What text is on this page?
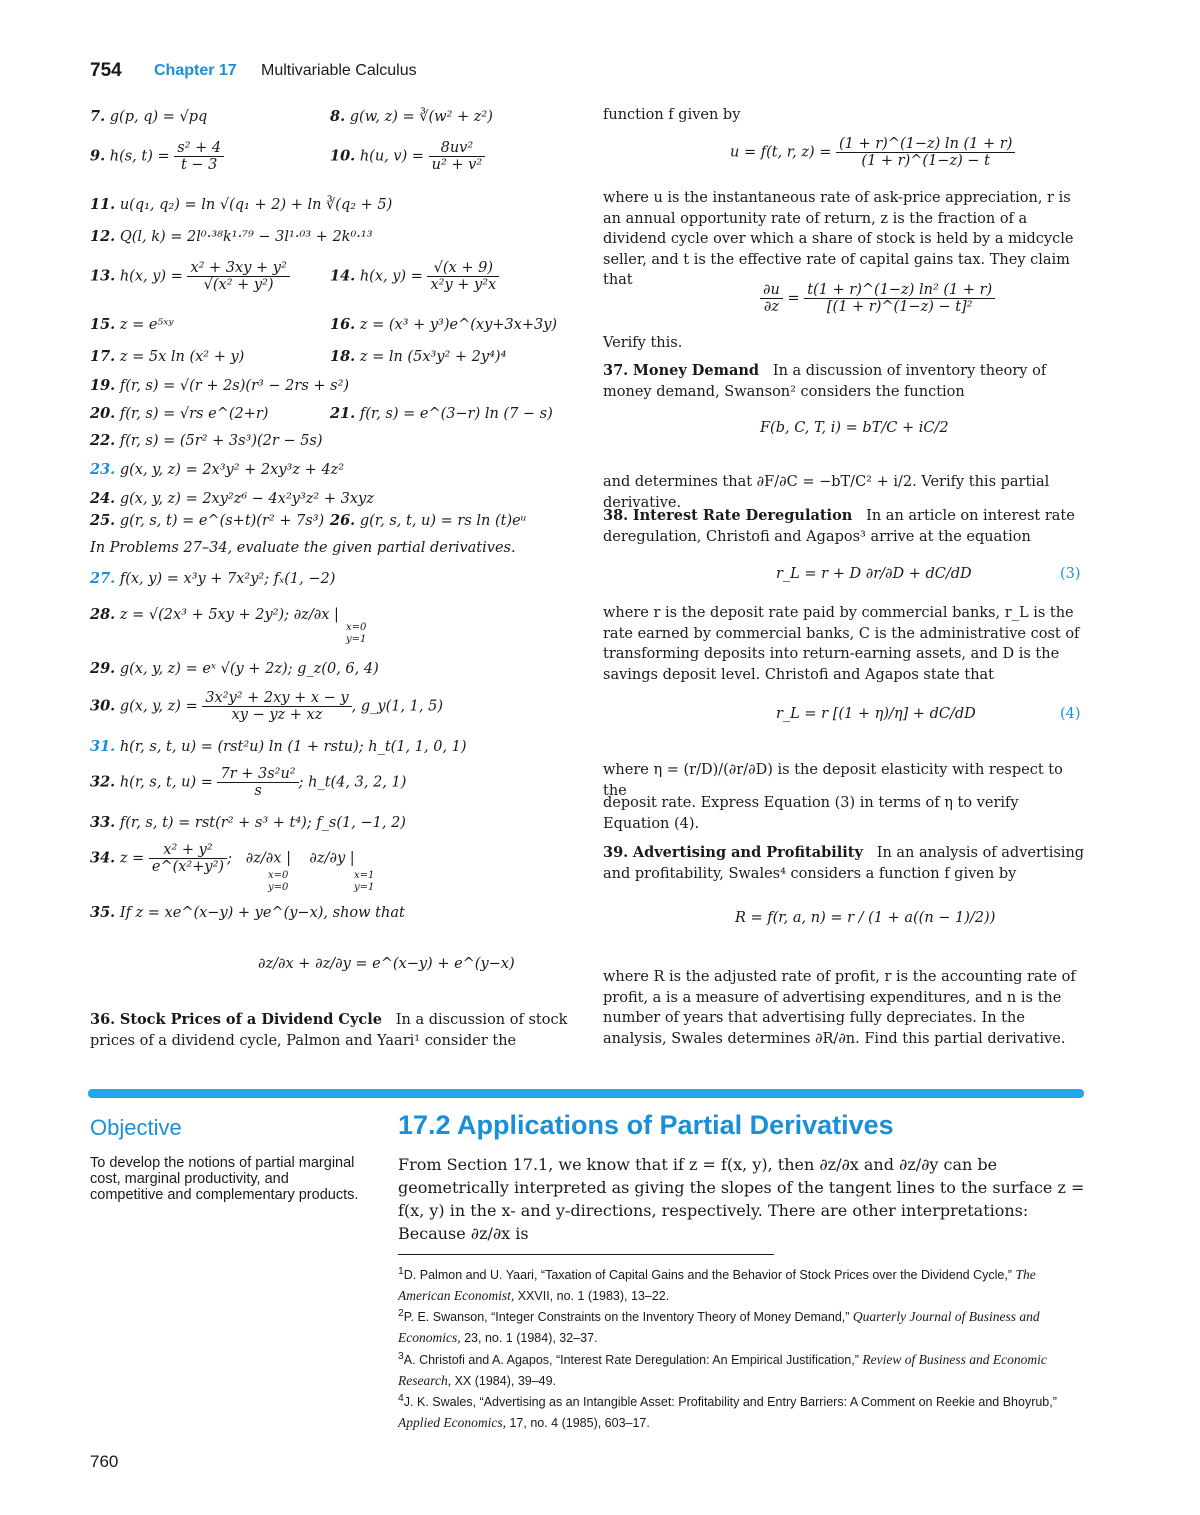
754 Chapter 17 Multivariable Calculus
7. g(p, q) = √pq	8. g(w, z) = ∛(w² + z²)
9. h(s, $t) = \frac{\text{s² + 4}}{t - 3}$	10. h(u, $v) = \frac{\text{8uv²}}{\text{u² + v²}}$
11. u(q₁, q₂) = ln √(q₁ + 2) + ln ∛(q₂ + 5)
12. Q(l, k) = 2l⁰·³⁸k¹·⁷⁹ − 3l¹·⁰³ + 2k⁰·¹³
13. h(x, $y) = \frac{\text{x² + 3xy + y²}}{\text{√(x² + y²)}}$	14. h(x, $y) = \frac{√(x + 9)}{\text{x²y + y²x}}$
15. z = e⁵ˣʸ	16. z = (x³ + y³)e^(xy+3x+3y)
17. z = 5x ln (x² + y)	18. z = ln (5x³y² + 2y⁴)⁴
19. f(r, s) = √(r + 2s)(r³ − 2rs + s²)
20. f(r, s) = √rs e^(2+r)	21. f(r, s) = e^(3−r) ln (7 − s)
22. f(r, s) = (5r² + 3s³)(2r − 5s)
23. g(x, y, z) = 2x³y² + 2xy³z + 4z²
24. g(x, y, z) = 2xy²z⁶ − 4x²y³z² + 3xyz
25. g(r, s, t) = e^(s+t)(r² + 7s³) 26. g(r, s, t, u) = rs ln (t)eᵘ
In Problems 27–34, evaluate the given partial derivatives.
27. f(x, y) = x³y + 7x²y²; fₓ(1, −2)
28. z = √(2x³ + 5xy + 2y²); ∂z/∂x |
x=0
y=1
29. g(x, y, z) = eˣ √(y + 2z); g_z(0, 6, 4)
30. g(x, y, $z) = \frac{\text{3x²y² + 2xy + x − y}}{xy - yz + xz}$ , g_y(1, 1, 5)
31. h(r, s, t, u) = (rst²u) ln (1 + rstu); h_t(1, 1, 0, 1)
32. h(r, s, t, $u) = \frac{\text{7r + 3s²u²}}{s}$ ; h_t(4, 3, 2, 1)
33. f(r, s, t) = rst(r² + s³ + t⁴); f_s(1, −1, 2)
34. $z = \frac{\text{x² + y²}}{\text{e\textasciicircum{}(x²+y²)}}$ ; ∂z/∂x | ∂z/∂y |
x=0
y=0
x=1
y=1
35. If z = xe^(x−y) + ye^(y−x), show that
∂z/∂x + ∂z/∂y = e^(x−y) + e^(y−x)
36. Stock Prices of a Dividend Cycle In a discussion of stock prices of a dividend cycle, Palmon and Yaari¹ consider the
function f given by
u = f(t, r, $z) = \frac{(1 + r)\^{}(1-z) \ln (1 + r)}{(1 + r)\^{}(1-z) - t}$
where u is the instantaneous rate of ask-price appreciation, r is an annual opportunity rate of return, z is the fraction of a dividend cycle over which a share of stock is held by a midcycle seller, and t is the effective rate of capital gains tax. They claim that
$\frac{\partial u}{\partial z} = \frac{\text{t(1 + r)\textasciicircum{}(1−z) ln² (1 + r)}}{\text{[(1 + r)\textasciicircum{}(1−z) − t]²}}$
Verify this.
37. Money Demand In a discussion of inventory theory of money demand, Swanson² considers the function
F(b, C, T, i) = bT/C + iC/2
and determines that ∂F/∂C = −bT/C² + i/2. Verify this partial derivative.
38. Interest Rate Deregulation In an article on interest rate deregulation, Christofi and Agapos³ arrive at the equation
r_L = r + D ∂r/∂D + dC/dD	(3)
where r is the deposit rate paid by commercial banks, r_L is the rate earned by commercial banks, C is the administrative cost of transforming deposits into return-earning assets, and D is the savings deposit level. Christofi and Agapos state that
r_L = r [(1 + η)/η] + dC/dD	(4)
where η = (r/D)/(∂r/∂D) is the deposit elasticity with respect to the
deposit rate. Express Equation (3) in terms of η to verify Equation (4).
39. Advertising and Profitability In an analysis of advertising and profitability, Swales⁴ considers a function f given by
R = f(r, a, n) = r / (1 + a((n − 1)/2))
where R is the adjusted rate of profit, r is the accounting rate of profit, a is a measure of advertising expenditures, and n is the number of years that advertising fully depreciates. In the analysis, Swales determines ∂R/∂n. Find this partial derivative.
Objective
To develop the notions of partial marginal cost, marginal productivity, and competitive and complementary products.
17.2 Applications of Partial Derivatives
From Section 17.1, we know that if z = f(x, y), then ∂z/∂x and ∂z/∂y can be geometrically interpreted as giving the slopes of the tangent lines to the surface z = f(x, y) in the x- and y-directions, respectively. There are other interpretations: Because ∂z/∂x is
$^1$D. Palmon and U. Yaari, “Taxation of Capital Gains and the Behavior of Stock Prices over the Dividend Cycle,” The American Economist, XXVII, no. 1 (1983), 13–22.
$^2$P. E. Swanson, “Integer Constraints on the Inventory Theory of Money Demand,” Quarterly Journal of Business and Economics, 23, no. 1 (1984), 32–37.
$^3$A. Christofi and A. Agapos, “Interest Rate Deregulation: An Empirical Justification,” Review of Business and Economic Research, XX (1984), 39–49.
$^4$J. K. Swales, “Advertising as an Intangible Asset: Profitability and Entry Barriers: A Comment on Reekie and Bhoyrub,” Applied Economics, 17, no. 4 (1985), 603–17.
760
